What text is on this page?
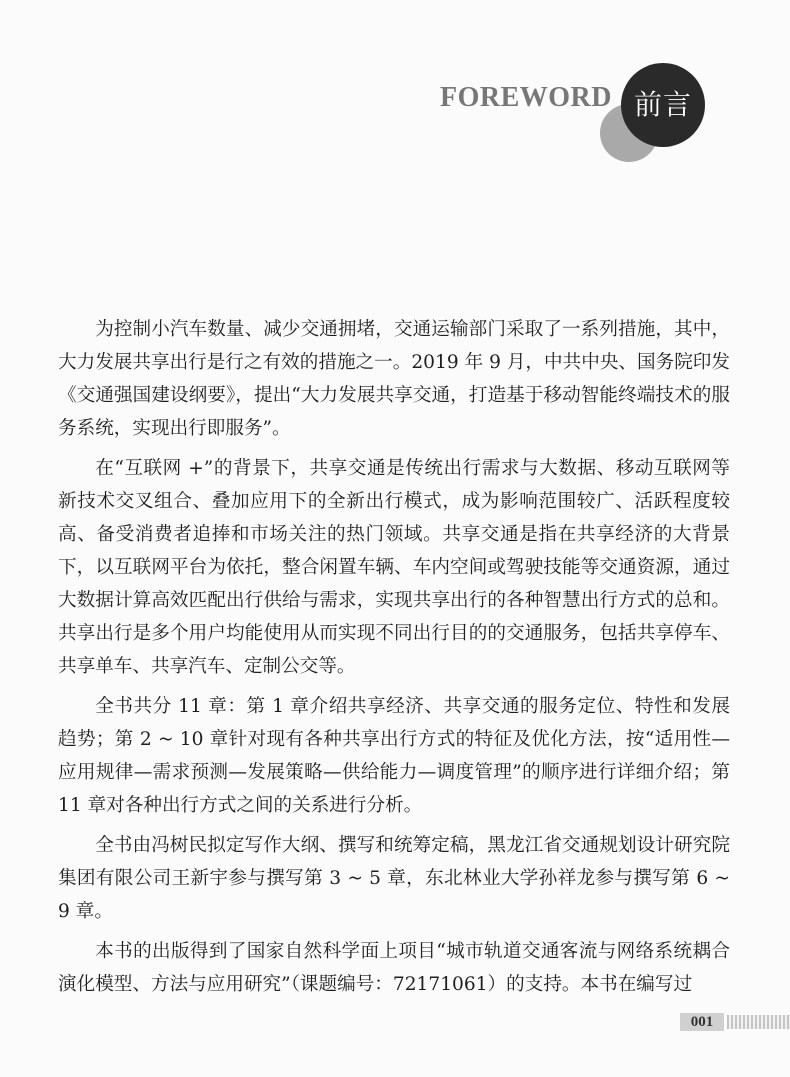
FOREWORD 前言

为控制小汽车数量、减少交通拥堵，交通运输部门采取了一系列措施，其中，大力发展共享出行是行之有效的措施之一。2019 年 9 月，中共中央、国务院印发《交通强国建设纲要》，提出“大力发展共享交通，打造基于移动智能终端技术的服务系统，实现出行即服务”。

在“互联网 +”的背景下，共享交通是传统出行需求与大数据、移动互联网等新技术交叉组合、叠加应用下的全新出行模式，成为影响范围较广、活跃程度较高、备受消费者追捧和市场关注的热门领域。共享交通是指在共享经济的大背景下，以互联网平台为依托，整合闲置车辆、车内空间或驾驶技能等交通资源，通过大数据计算高效匹配出行供给与需求，实现共享出行的各种智慧出行方式的总和。共享出行是多个用户均能使用从而实现不同出行目的的交通服务，包括共享停车、共享单车、共享汽车、定制公交等。

全书共分 11 章：第 1 章介绍共享经济、共享交通的服务定位、特性和发展趋势；第 2 ~ 10 章针对现有各种共享出行方式的特征及优化方法，按“适用性—应用规律—需求预测—发展策略—供给能力—调度管理”的顺序进行详细介绍；第 11 章对各种出行方式之间的关系进行分析。

全书由冯树民拟定写作大纲、撰写和统筹定稿，黑龙江省交通规划设计研究院集团有限公司王新宇参与撰写第 3 ~ 5 章，东北林业大学孙祥龙参与撰写第 6 ~ 9 章。

本书的出版得到了国家自然科学面上项目“城市轨道交通客流与网络系统耦合演化模型、方法与应用研究”（课题编号：72171061）的支持。本书在编写过

001
